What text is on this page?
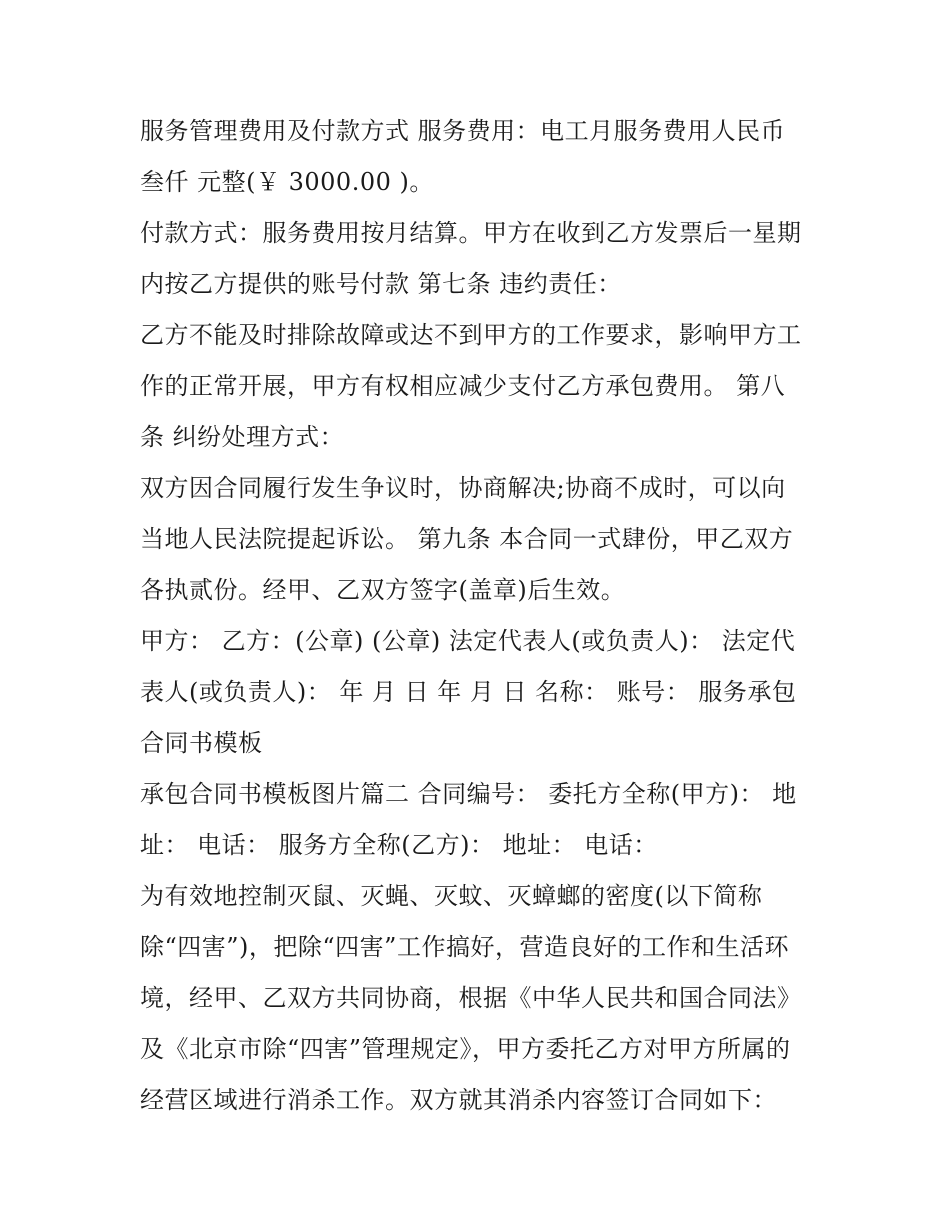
服务管理费用及付款方式 服务费用：电工月服务费用人民币
叁仟 元整(￥ 3000.00 )。
付款方式：服务费用按月结算。甲方在收到乙方发票后一星期
内按乙方提供的账号付款 第七条 违约责任：
乙方不能及时排除故障或达不到甲方的工作要求，影响甲方工
作的正常开展，甲方有权相应减少支付乙方承包费用。 第八
条 纠纷处理方式：
双方因合同履行发生争议时，协商解决;协商不成时，可以向
当地人民法院提起诉讼。 第九条 本合同一式肆份，甲乙双方
各执贰份。经甲、乙双方签字(盖章)后生效。
甲方： 乙方：(公章) (公章) 法定代表人(或负责人)： 法定代
表人(或负责人)： 年 月 日 年 月 日 名称： 账号： 服务承包
合同书模板
承包合同书模板图片篇二 合同编号： 委托方全称(甲方)： 地
址： 电话： 服务方全称(乙方)： 地址： 电话：
为有效地控制灭鼠、灭蝇、灭蚊、灭蟑螂的密度(以下简称
除“四害”)，把除“四害”工作搞好，营造良好的工作和生活环
境，经甲、乙双方共同协商，根据《中华人民共和国合同法》
及《北京市除“四害”管理规定》，甲方委托乙方对甲方所属的
经营区域进行消杀工作。双方就其消杀内容签订合同如下：
